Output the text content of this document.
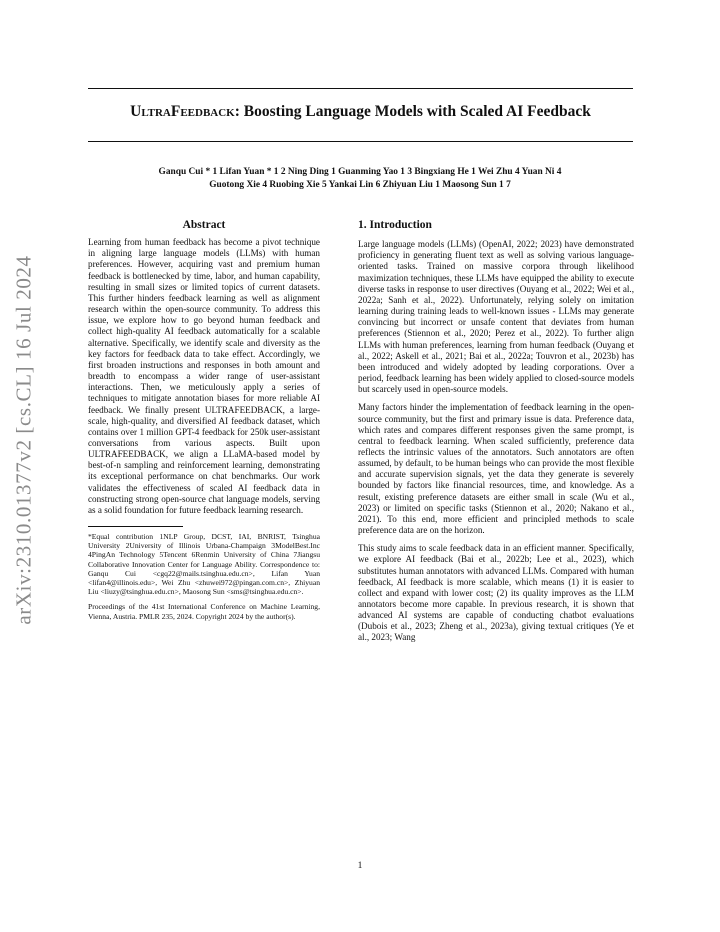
arXiv:2310.01377v2 [cs.CL] 16 Jul 2024
UltraFeedback: Boosting Language Models with Scaled AI Feedback
Ganqu Cui * 1 Lifan Yuan * 1 2 Ning Ding 1 Guanming Yao 1 3 Bingxiang He 1 Wei Zhu 4 Yuan Ni 4
Guotong Xie 4 Ruobing Xie 5 Yankai Lin 6 Zhiyuan Liu 1 Maosong Sun 1 7
Abstract
Learning from human feedback has become a pivot technique in aligning large language models (LLMs) with human preferences. However, acquiring vast and premium human feedback is bottlenecked by time, labor, and human capability, resulting in small sizes or limited topics of current datasets. This further hinders feedback learning as well as alignment research within the open-source community. To address this issue, we explore how to go beyond human feedback and collect high-quality AI feedback automatically for a scalable alternative. Specifically, we identify scale and diversity as the key factors for feedback data to take effect. Accordingly, we first broaden instructions and responses in both amount and breadth to encompass a wider range of user-assistant interactions. Then, we meticulously apply a series of techniques to mitigate annotation biases for more reliable AI feedback. We finally present ULTRAFEEDBACK, a large-scale, high-quality, and diversified AI feedback dataset, which contains over 1 million GPT-4 feedback for 250k user-assistant conversations from various aspects. Built upon ULTRAFEEDBACK, we align a LLaMA-based model by best-of-n sampling and reinforcement learning, demonstrating its exceptional performance on chat benchmarks. Our work validates the effectiveness of scaled AI feedback data in constructing strong open-source chat language models, serving as a solid foundation for future feedback learning research.
*Equal contribution 1NLP Group, DCST, IAI, BNRIST, Tsinghua University 2University of Illinois Urbana-Champaign 3ModelBest.Inc 4PingAn Technology 5Tencent 6Renmin University of China 7Jiangsu Collaborative Innovation Center for Language Ability. Correspondence to: Ganqu Cui <cgq22@mails.tsinghua.edu.cn>, Lifan Yuan <lifan4@illinois.edu>, Wei Zhu <zhuwei972@pingan.com.cn>, Zhiyuan Liu <liuzy@tsinghua.edu.cn>, Maosong Sun <sms@tsinghua.edu.cn>.
Proceedings of the 41st International Conference on Machine Learning, Vienna, Austria. PMLR 235, 2024. Copyright 2024 by the author(s).
1. Introduction

Large language models (LLMs) (OpenAI, 2022; 2023) have demonstrated proficiency in generating fluent text as well as solving various language-oriented tasks. Trained on massive corpora through likelihood maximization techniques, these LLMs have equipped the ability to execute diverse tasks in response to user directives (Ouyang et al., 2022; Wei et al., 2022a; Sanh et al., 2022). Unfortunately, relying solely on imitation learning during training leads to well-known issues - LLMs may generate convincing but incorrect or unsafe content that deviates from human preferences (Stiennon et al., 2020; Perez et al., 2022). To further align LLMs with human preferences, learning from human feedback (Ouyang et al., 2022; Askell et al., 2021; Bai et al., 2022a; Touvron et al., 2023b) has been introduced and widely adopted by leading corporations. Over a period, feedback learning has been widely applied to closed-source models but scarcely used in open-source models.

Many factors hinder the implementation of feedback learning in the open-source community, but the first and primary issue is data. Preference data, which rates and compares different responses given the same prompt, is central to feedback learning. When scaled sufficiently, preference data reflects the intrinsic values of the annotators. Such annotators are often assumed, by default, to be human beings who can provide the most flexible and accurate supervision signals, yet the data they generate is severely bounded by factors like financial resources, time, and knowledge. As a result, existing preference datasets are either small in scale (Wu et al., 2023) or limited on specific tasks (Stiennon et al., 2020; Nakano et al., 2021). To this end, more efficient and principled methods to scale preference data are on the horizon.

This study aims to scale feedback data in an efficient manner. Specifically, we explore AI feedback (Bai et al., 2022b; Lee et al., 2023), which substitutes human annotators with advanced LLMs. Compared with human feedback, AI feedback is more scalable, which means (1) it is easier to collect and expand with lower cost; (2) its quality improves as the LLM annotators become more capable. In previous research, it is shown that advanced AI systems are capable of conducting chatbot evaluations (Dubois et al., 2023; Zheng et al., 2023a), giving textual critiques (Ye et al., 2023; Wang

1
